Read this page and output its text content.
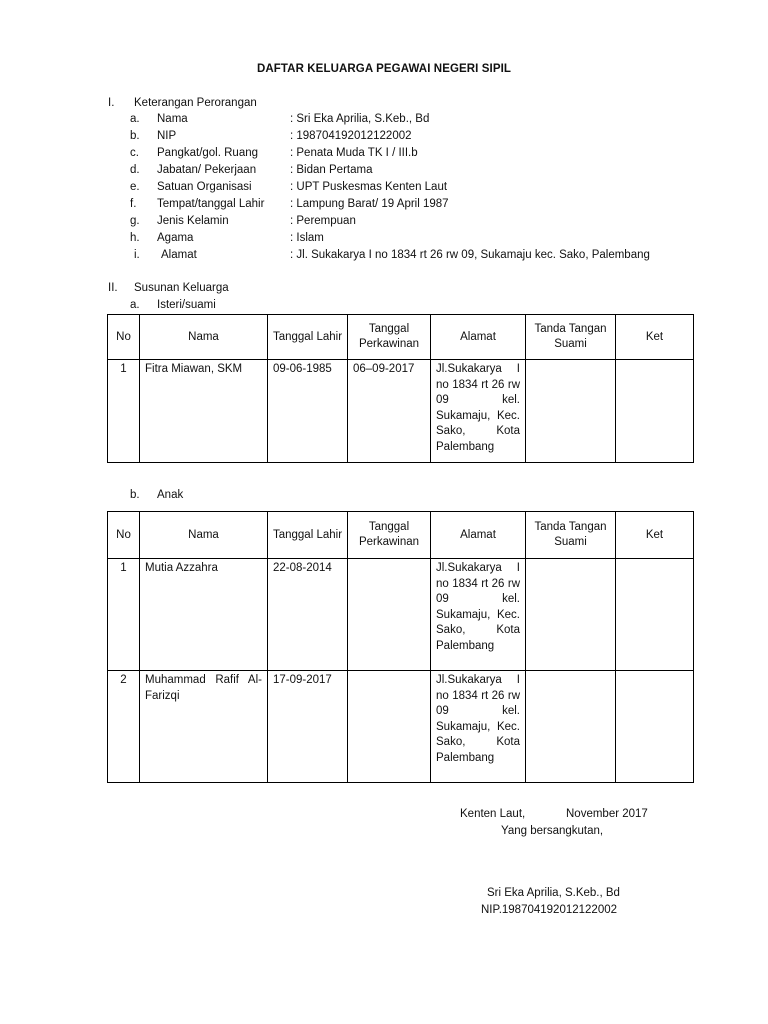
DAFTAR KELUARGA PEGAWAI NEGERI SIPIL
I. Keterangan Perorangan
a. Nama	: Sri Eka Aprilia, S.Keb., Bd
b. NIP	: 198704192012122002
c. Pangkat/gol. Ruang	: Penata Muda TK I / III.b
d. Jabatan/ Pekerjaan	: Bidan Pertama
e. Satuan Organisasi	: UPT Puskesmas Kenten Laut
f. Tempat/tanggal Lahir : Lampung Barat/ 19 April 1987
g. Jenis Kelamin	: Perempuan
h. Agama	: Islam
i. Alamat	: Jl. Sukakarya I no 1834 rt 26 rw 09, Sukamaju kec. Sako, Palembang
II. Susunan Keluarga
a. Isteri/suami
No	Nama	Tanggal Lahir	Tanggal Perkawinan	Alamat	Tanda Tangan Suami	Ket
1	Fitra Miawan, SKM	09-06-1985	06–09-2017	Jl.Sukakarya I no 1834 rt 26 rw 09 kel. Sukamaju, Kec. Sako, Kota Palembang		
b. Anak
No	Nama	Tanggal Lahir	Tanggal Perkawinan	Alamat	Tanda Tangan Suami	Ket
1	Mutia Azzahra	22-08-2014		Jl.Sukakarya I no 1834 rt 26 rw 09 kel. Sukamaju, Kec. Sako, Kota Palembang		
2	Muhammad Rafif Al-Farizqi	17-09-2017		Jl.Sukakarya I no 1834 rt 26 rw 09 kel. Sukamaju, Kec. Sako, Kota Palembang		
Kenten Laut,	November 2017
Yang bersangkutan,
Sri Eka Aprilia, S.Keb., Bd
NIP.198704192012122002
